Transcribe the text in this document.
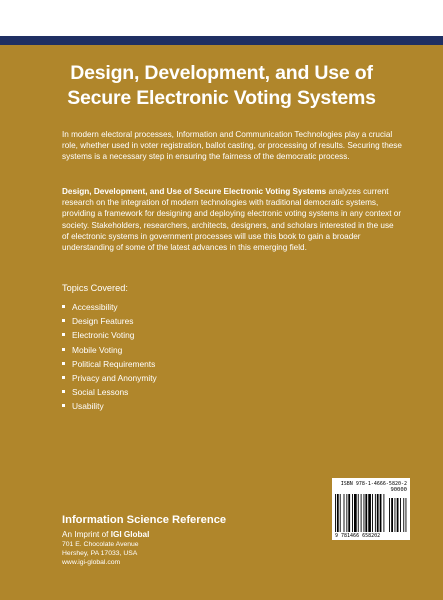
Design, Development, and Use of
Secure Electronic Voting Systems
In modern electoral processes, Information and Communication Technologies play a crucial role, whether used in voter registration, ballot casting, or processing of results. Securing these systems is a necessary step in ensuring the fairness of the democratic process.
Design, Development, and Use of Secure Electronic Voting Systems analyzes current research on the integration of modern technologies with traditional democratic systems, providing a framework for designing and deploying electronic voting systems in any context or society. Stakeholders, researchers, architects, designers, and scholars interested in the use of electronic systems in government processes will use this book to gain a broader understanding of some of the latest advances in this emerging field.
Topics Covered:
Accessibility
Design Features
Electronic Voting
Mobile Voting
Political Requirements
Privacy and Anonymity
Social Lessons
Usability
Information Science Reference
An Imprint of IGI Global
701 E. Chocolate Avenue
Hershey, PA 17033, USA
www.igi-global.com
ISBN 978-1-4666-5820-2
90000
9 781466 658202
